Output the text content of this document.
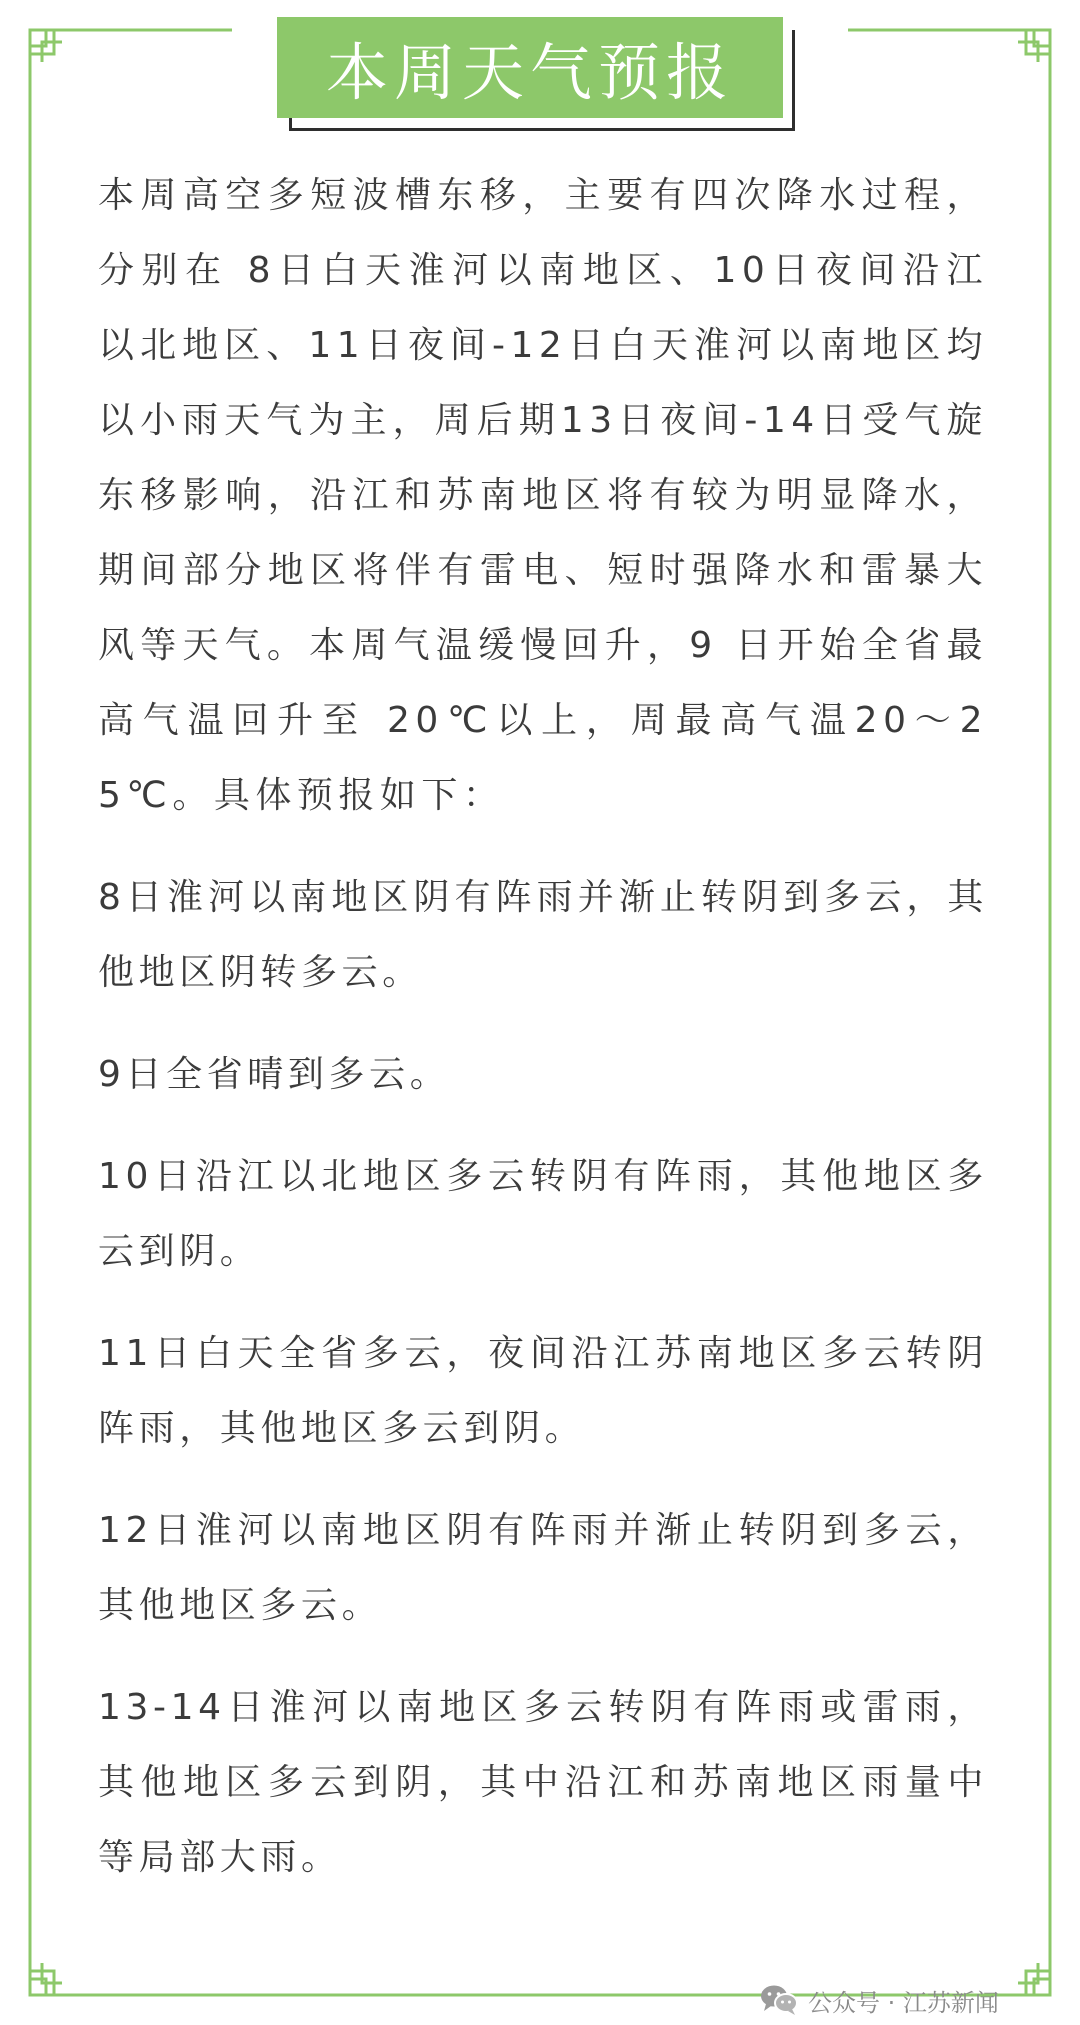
本周天气预报

本周高空多短波槽东移，主要有四次降水过程，分别在 8日白天淮河以南地区、10日夜间沿江以北地区、11日夜间-12日白天淮河以南地区均以小雨天气为主，周后期13日夜间-14日受气旋东移影响，沿江和苏南地区将有较为明显降水，期间部分地区将伴有雷电、短时强降水和雷暴大风等天气。本周气温缓慢回升，9 日开始全省最高气温回升至 20℃以上，周最高气温20～25℃。具体预报如下：

8日淮河以南地区阴有阵雨并渐止转阴到多云，其他地区阴转多云。

9日全省晴到多云。

10日沿江以北地区多云转阴有阵雨，其他地区多云到阴。

11日白天全省多云，夜间沿江苏南地区多云转阴阵雨，其他地区多云到阴。

12日淮河以南地区阴有阵雨并渐止转阴到多云，其他地区多云。

13-14日淮河以南地区多云转阴有阵雨或雷雨，其他地区多云到阴，其中沿江和苏南地区雨量中等局部大雨。

公众号 · 江苏新闻
